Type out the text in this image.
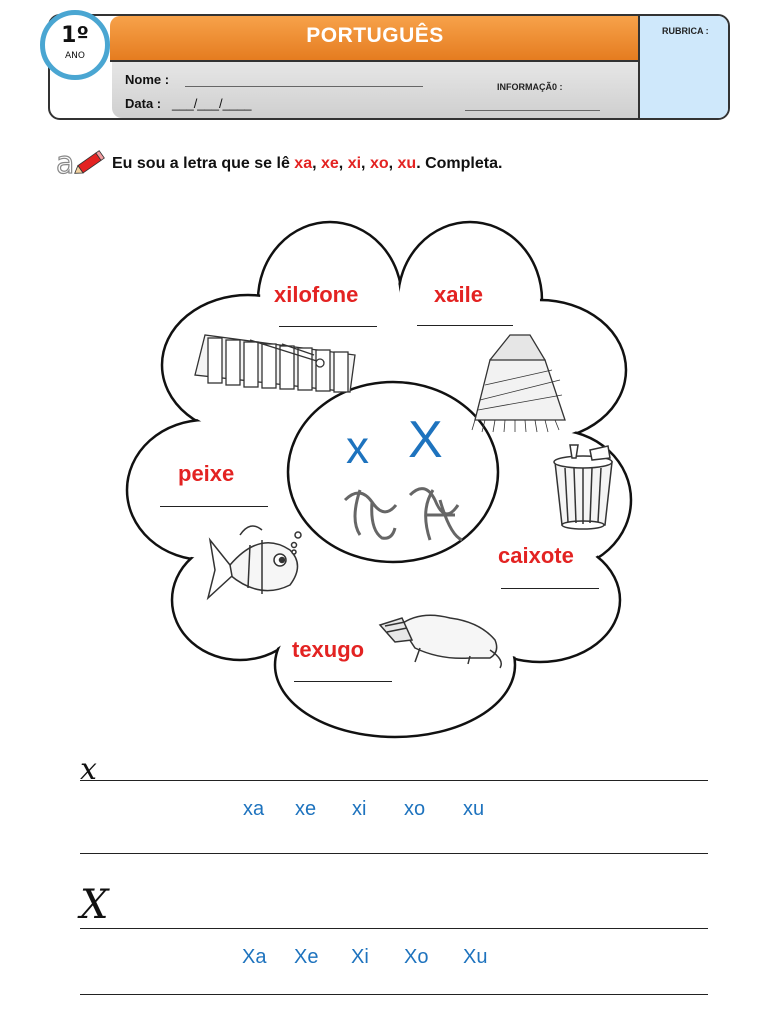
PORTUGUÊS	RUBRICA :
1º
ANO
Nome :
Data : ___/___/____
INFORMAÇÃ0 :
a Eu sou a letra que se lê xa, xe, xi, xo, xu. Completa.
x X
xilofone	xaile
peixe
caixote
texugo
x
xa xe xi xo xu
X
Xa Xe Xi Xo Xu
